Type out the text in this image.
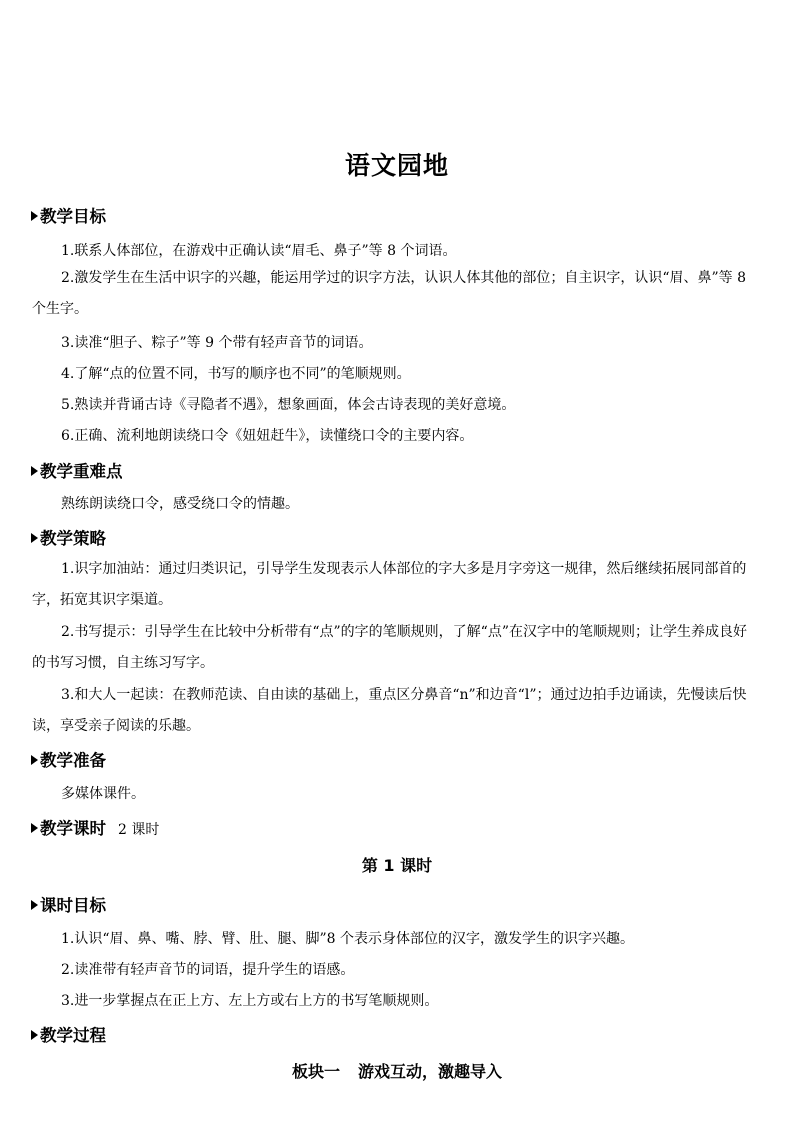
语文园地
教学目标
1.联系人体部位，在游戏中正确认读“眉毛、鼻子”等 8 个词语。
2.激发学生在生活中识字的兴趣，能运用学过的识字方法，认识人体其他的部位；自主识字，认识“眉、鼻”等 8 个生字。
3.读准“胆子、粽子”等 9 个带有轻声音节的词语。
4.了解“点的位置不同，书写的顺序也不同”的笔顺规则。
5.熟读并背诵古诗《寻隐者不遇》，想象画面，体会古诗表现的美好意境。
6.正确、流利地朗读绕口令《妞妞赶牛》，读懂绕口令的主要内容。
教学重难点
熟练朗读绕口令，感受绕口令的情趣。
教学策略
1.识字加油站：通过归类识记，引导学生发现表示人体部位的字大多是月字旁这一规律，然后继续拓展同部首的字，拓宽其识字渠道。
2.书写提示：引导学生在比较中分析带有“点”的字的笔顺规则，了解“点”在汉字中的笔顺规则；让学生养成良好的书写习惯，自主练习写字。
3.和大人一起读：在教师范读、自由读的基础上，重点区分鼻音“n”和边音“l”；通过边拍手边诵读，先慢读后快读，享受亲子阅读的乐趣。
教学准备
多媒体课件。
教学课时 2 课时
第 1 课时
课时目标
1.认识“眉、鼻、嘴、脖、臂、肚、腿、脚”8 个表示身体部位的汉字，激发学生的识字兴趣。
2.读准带有轻声音节的词语，提升学生的语感。
3.进一步掌握点在正上方、左上方或右上方的书写笔顺规则。
教学过程
板块一 游戏互动，激趣导入
